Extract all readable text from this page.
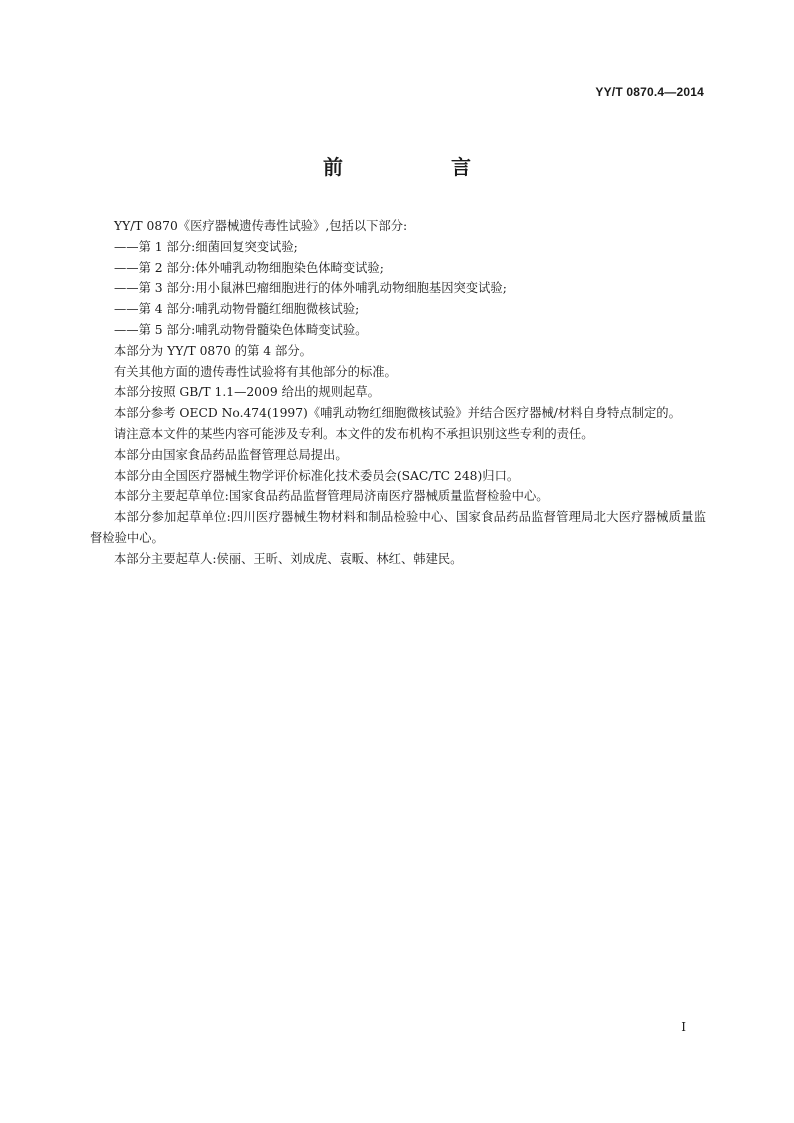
YY/T 0870.4—2014
前　言

YY/T 0870《医疗器械遗传毒性试验》,包括以下部分:

——第 1 部分:细菌回复突变试验;

——第 2 部分:体外哺乳动物细胞染色体畸变试验;

——第 3 部分:用小鼠淋巴瘤细胞进行的体外哺乳动物细胞基因突变试验;

——第 4 部分:哺乳动物骨髓红细胞微核试验;

——第 5 部分:哺乳动物骨髓染色体畸变试验。

本部分为 YY/T 0870 的第 4 部分。

有关其他方面的遗传毒性试验将有其他部分的标准。

本部分按照 GB/T 1.1—2009 给出的规则起草。

本部分参考 OECD No.474(1997)《哺乳动物红细胞微核试验》并结合医疗器械/材料自身特点制定的。

请注意本文件的某些内容可能涉及专利。本文件的发布机构不承担识别这些专利的责任。

本部分由国家食品药品监督管理总局提出。

本部分由全国医疗器械生物学评价标准化技术委员会(SAC/TC 248)归口。

本部分主要起草单位:国家食品药品监督管理局济南医疗器械质量监督检验中心。

本部分参加起草单位:四川医疗器械生物材料和制品检验中心、国家食品药品监督管理局北大医疗器械质量监督检验中心。

本部分主要起草人:侯丽、王昕、刘成虎、袁畈、林红、韩建民。

I
